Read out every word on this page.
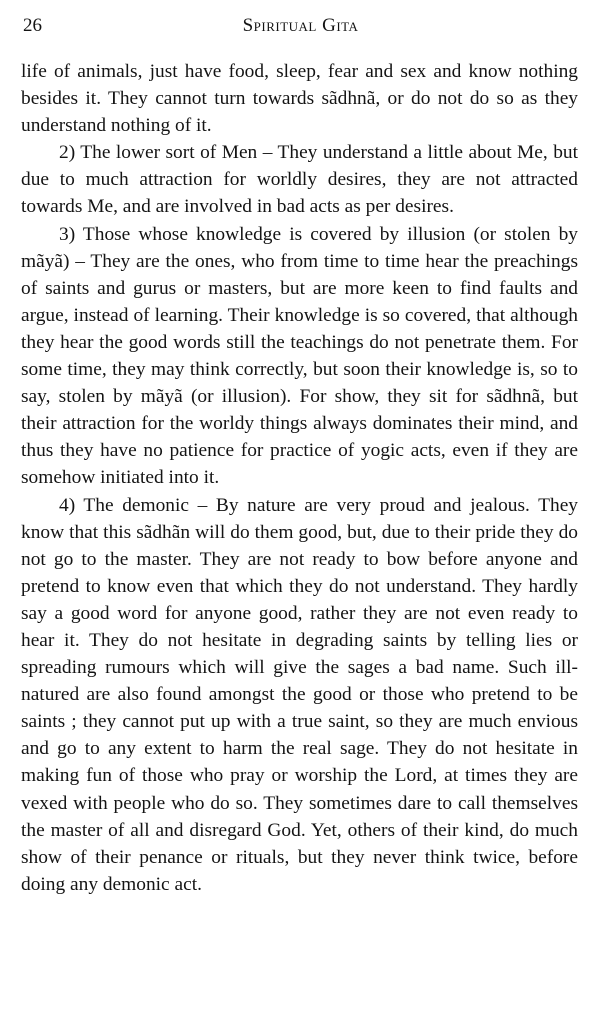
26	Spiritual Gita

life of animals, just have food, sleep, fear and sex and know nothing besides it. They cannot turn towards sãdhnã, or do not do so as they understand nothing of it.

2) The lower sort of Men – They understand a little about Me, but due to much attraction for worldly desires, they are not attracted towards Me, and are involved in bad acts as per desires.

3) Those whose knowledge is covered by illusion (or stolen by mãyã) – They are the ones, who from time to time hear the preachings of saints and gurus or masters, but are more keen to find faults and argue, instead of learning. Their knowledge is so covered, that although they hear the good words still the teachings do not penetrate them. For some time, they may think correctly, but soon their knowledge is, so to say, stolen by mãyã (or illusion). For show, they sit for sãdhnã, but their attraction for the worldy things always dominates their mind, and thus they have no patience for practice of yogic acts, even if they are somehow initiated into it.

4) The demonic – By nature are very proud and jealous. They know that this sãdhãn will do them good, but, due to their pride they do not go to the master. They are not ready to bow before anyone and pretend to know even that which they do not understand. They hardly say a good word for anyone good, rather they are not even ready to hear it. They do not hesitate in degrading saints by telling lies or spreading rumours which will give the sages a bad name. Such ill-natured are also found amongst the good or those who pretend to be saints ; they cannot put up with a true saint, so they are much envious and go to any extent to harm the real sage. They do not hesitate in making fun of those who pray or worship the Lord, at times they are vexed with people who do so. They sometimes dare to call themselves the master of all and disregard God. Yet, others of their kind, do much show of their penance or rituals, but they never think twice, before doing any demonic act.
